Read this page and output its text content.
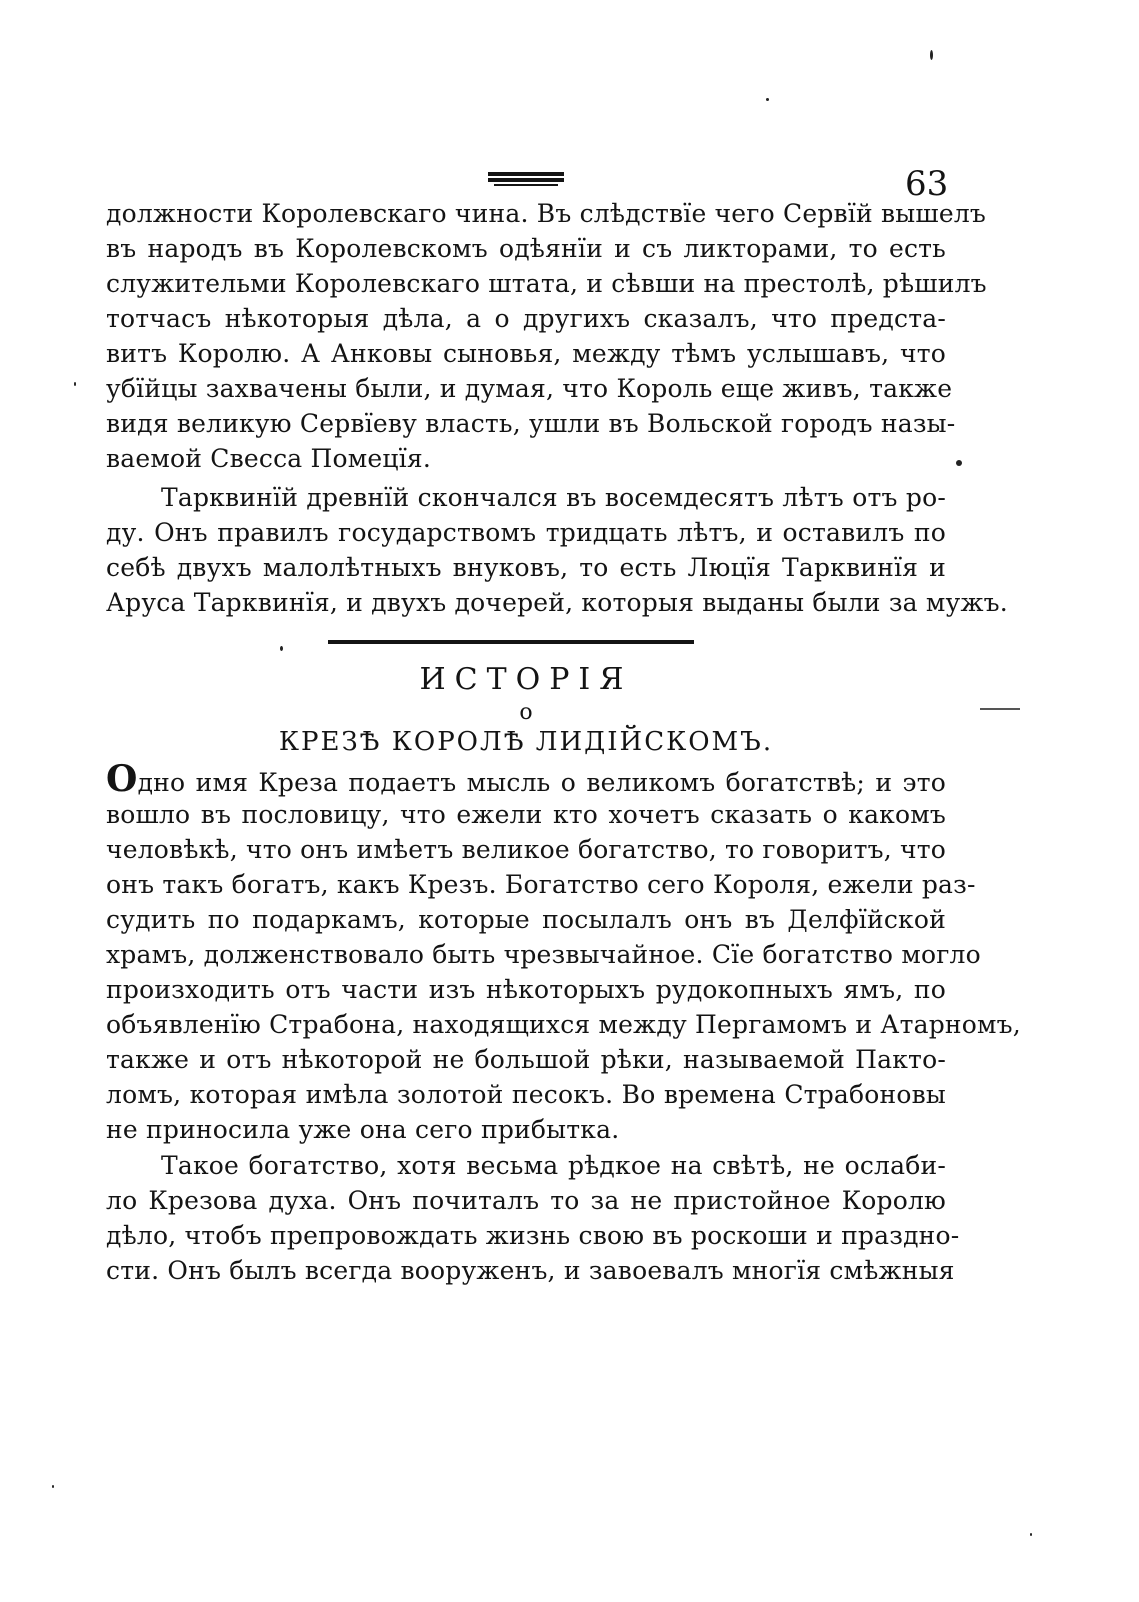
63
должности Королевскаго чина. Въ слѣдствїе чего Сервїй вышелъ
въ народъ въ Королевскомъ одѣянїи и съ ликторами, то есть
служительми Королевскаго штата, и сѣвши на престолѣ, рѣшилъ
тотчасъ нѣкоторыя дѣла, а о другихъ сказалъ, что предста-
витъ Королю. А Анковы сыновья, между тѣмъ услышавъ, что
убїйцы захвачены были, и думая, что Король еще живъ, также
видя великую Сервїеву власть, ушли въ Вольской городъ назы-
ваемой Свесса Помецїя.
Тарквинїй древнїй скончался въ восемдесятъ лѣтъ отъ ро-
ду. Онъ правилъ государствомъ тридцать лѣтъ, и оставилъ по
себѣ двухъ малолѣтныхъ внуковъ, то есть Люцїя Тарквинїя и
Аруса Тарквинїя, и двухъ дочерей, которыя выданы были за мужъ.
ИСТОРIЯ
о
КРЕЗѢ КОРОЛѢ ЛИДIЙСКОМЪ.
Одно имя Креза подаетъ мысль о великомъ богатствѣ; и это
вошло въ пословицу, что ежели кто хочетъ сказать о какомъ
человѣкѣ, что онъ имѣетъ великое богатство, то говоритъ, что
онъ такъ богатъ, какъ Крезъ. Богатство сего Короля, ежели раз-
судить по подаркамъ, которые посылалъ онъ въ Делфїйской
храмъ, долженствовало быть чрезвычайное. Сїе богатство могло
произходить отъ части изъ нѣкоторыхъ рудокопныхъ ямъ, по
объявленїю Страбона, находящихся между Пергамомъ и Атарномъ,
также и отъ нѣкоторой не большой рѣки, называемой Пакто-
ломъ, которая имѣла золотой песокъ. Во времена Страбоновы
не приносила уже она сего прибытка.
Такое богатство, хотя весьма рѣдкое на свѣтѣ, не ослаби-
ло Крезова духа. Онъ почиталъ то за не пристойное Королю
дѣло, чтобъ препровождать жизнь свою въ роскоши и праздно-
сти. Онъ былъ всегда вооруженъ, и завоевалъ многїя смѣжныя
